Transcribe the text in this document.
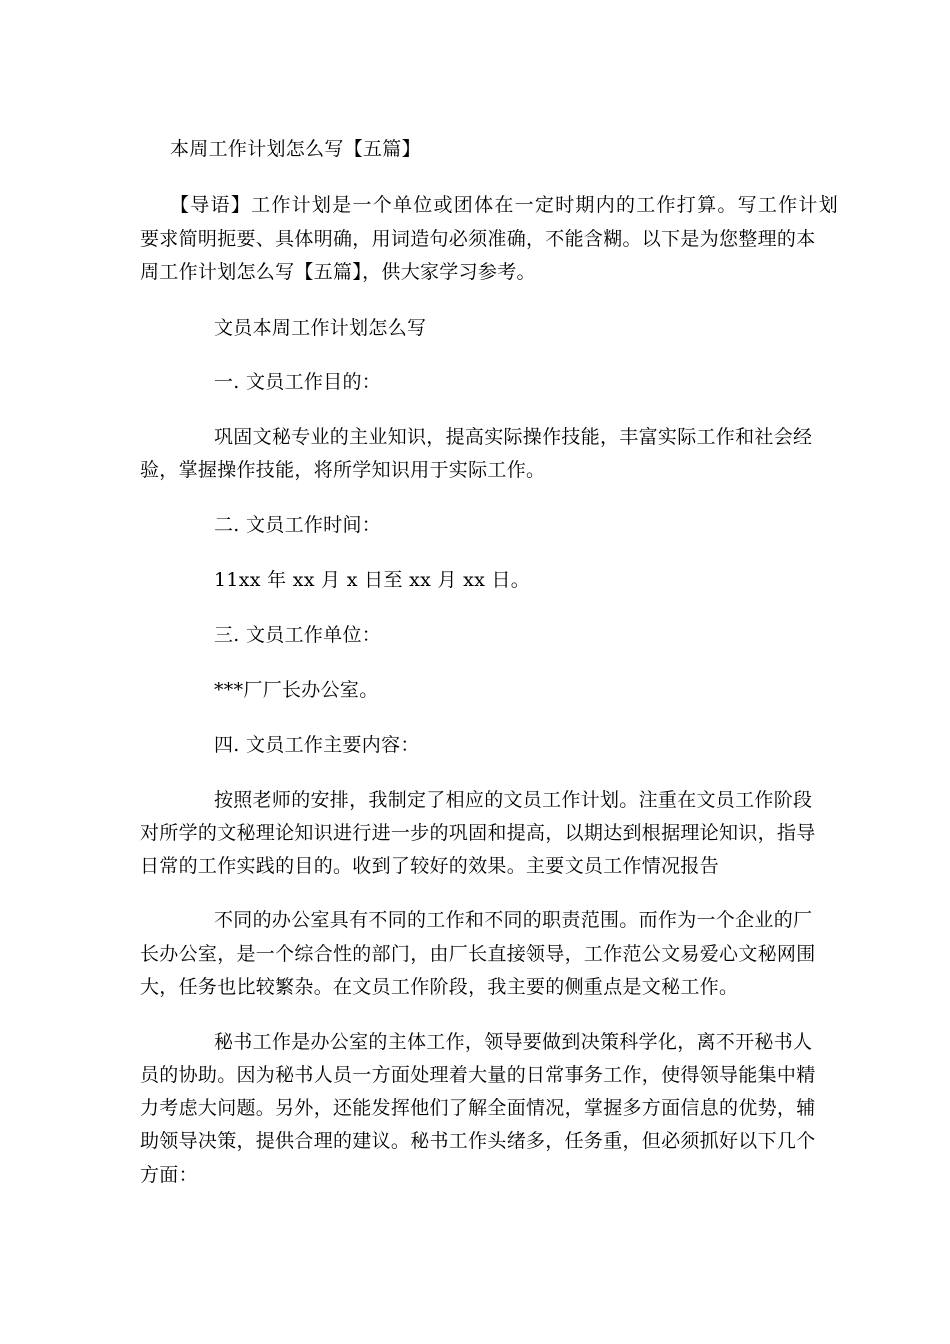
本周工作计划怎么写【五篇】
【导语】工作计划是一个单位或团体在一定时期内的工作打算。写工作计划
要求简明扼要、具体明确，用词造句必须准确，不能含糊。以下是为您整理的本
周工作计划怎么写【五篇】，供大家学习参考。
文员本周工作计划怎么写
一. 文员工作目的：
巩固文秘专业的主业知识，提高实际操作技能，丰富实际工作和社会经
验，掌握操作技能，将所学知识用于实际工作。
二. 文员工作时间：
11xx 年 xx 月 x 日至 xx 月 xx 日。
三. 文员工作单位：
***厂厂长办公室。
四. 文员工作主要内容：
按照老师的安排，我制定了相应的文员工作计划。注重在文员工作阶段
对所学的文秘理论知识进行进一步的巩固和提高，以期达到根据理论知识，指导
日常的工作实践的目的。收到了较好的效果。主要文员工作情况报告
不同的办公室具有不同的工作和不同的职责范围。而作为一个企业的厂
长办公室，是一个综合性的部门，由厂长直接领导，工作范公文易爱心文秘网围
大，任务也比较繁杂。在文员工作阶段，我主要的侧重点是文秘工作。
秘书工作是办公室的主体工作，领导要做到决策科学化，离不开秘书人
员的协助。因为秘书人员一方面处理着大量的日常事务工作，使得领导能集中精
力考虑大问题。另外，还能发挥他们了解全面情况，掌握多方面信息的优势，辅
助领导决策，提供合理的建议。秘书工作头绪多，任务重，但必须抓好以下几个
方面：
